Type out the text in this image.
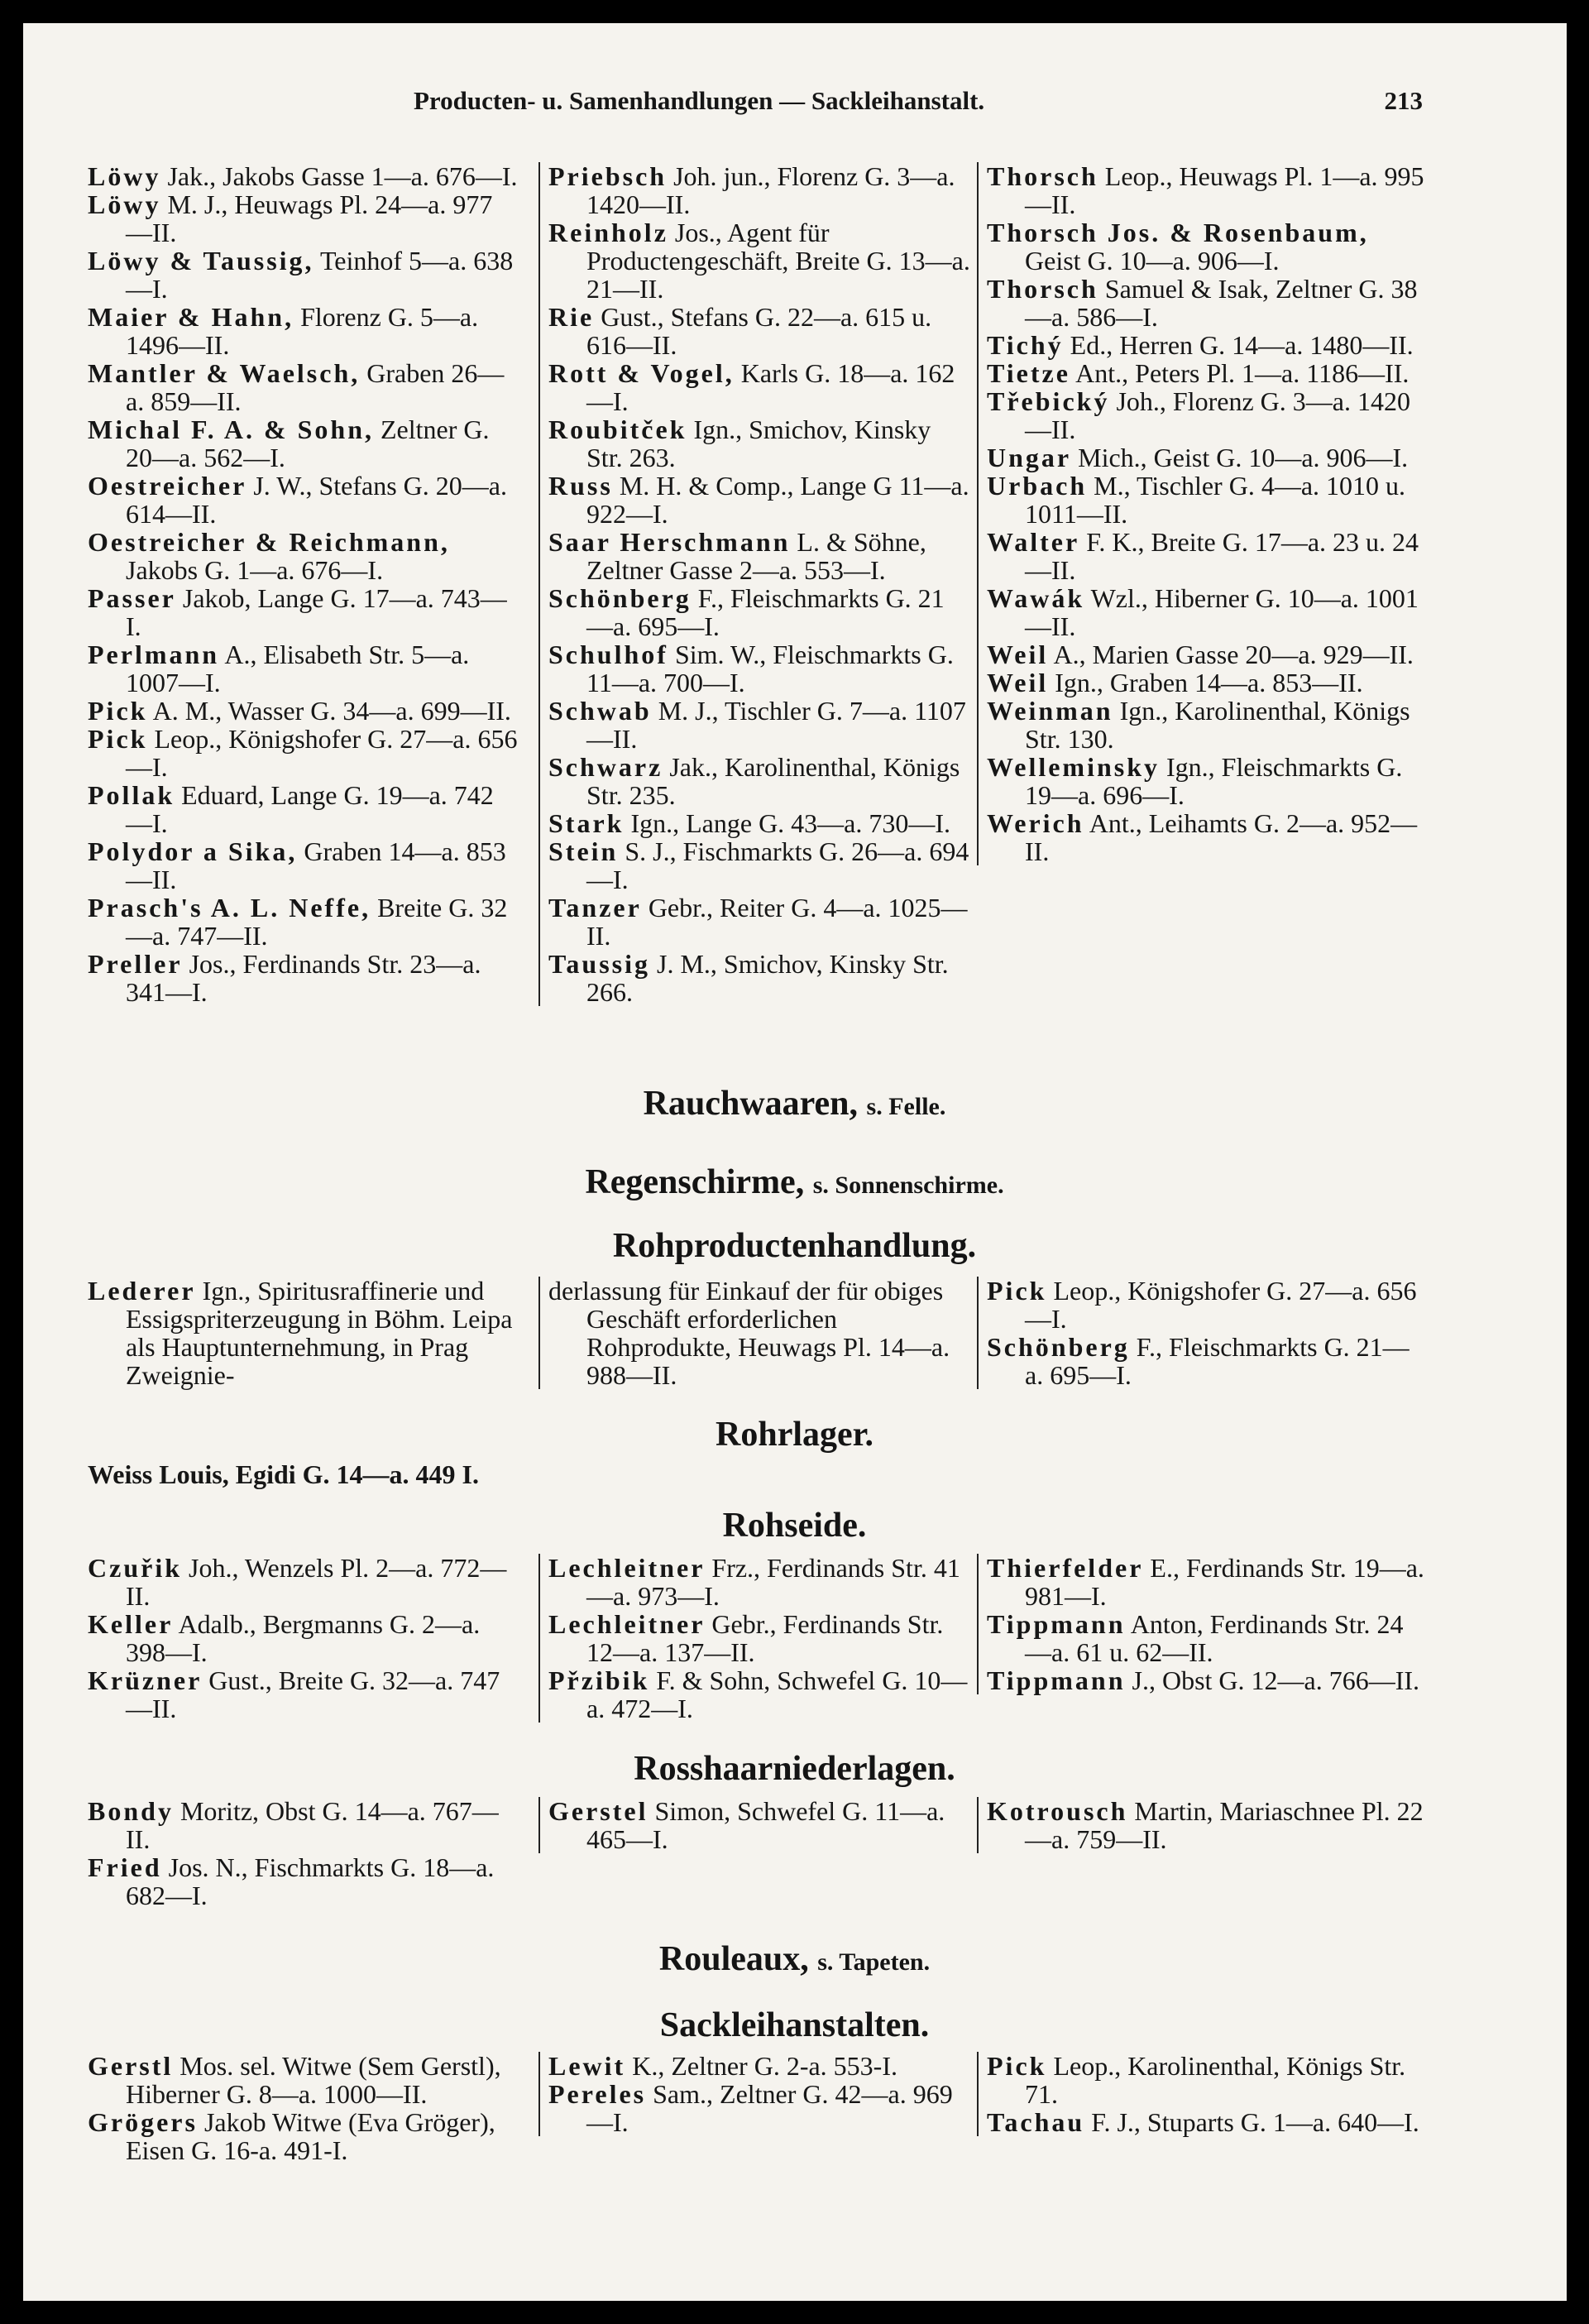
Producten- u. Samenhandlungen — Sackleihanstalt.	213

Löwy Jak., Jakobs Gasse 1—a. 676—I.

Löwy M. J., Heuwags Pl. 24—a. 977—II.

Löwy & Taussig, Teinhof 5—a. 638—I.

Maier & Hahn, Florenz G. 5—a. 1496—II.

Mantler & Waelsch, Graben 26—a. 859—II.

Michal F. A. & Sohn, Zeltner G. 20—a. 562—I.

Oestreicher J. W., Stefans G. 20—a. 614—II.

Oestreicher & Reichmann, Jakobs G. 1—a. 676—I.

Passer Jakob, Lange G. 17—a. 743—I.

Perlmann A., Elisabeth Str. 5—a. 1007—I.

Pick A. M., Wasser G. 34—a. 699—II.

Pick Leop., Königshofer G. 27—a. 656—I.

Pollak Eduard, Lange G. 19—a. 742—I.

Polydor a Sika, Graben 14—a. 853—II.

Prasch's A. L. Neffe, Breite G. 32—a. 747—II.

Preller Jos., Ferdinands Str. 23—a. 341—I.

Priebsch Joh. jun., Florenz G. 3—a. 1420—II.

Reinholz Jos., Agent für Productengeschäft, Breite G. 13—a. 21—II.

Rie Gust., Stefans G. 22—a. 615 u. 616—II.

Rott & Vogel, Karls G. 18—a. 162—I.

Roubitček Ign., Smichov, Kinsky Str. 263.

Russ M. H. & Comp., Lange G 11—a. 922—I.

Saar Herschmann L. & Söhne, Zeltner Gasse 2—a. 553—I.

Schönberg F., Fleischmarkts G. 21—a. 695—I.

Schulhof Sim. W., Fleischmarkts G. 11—a. 700—I.

Schwab M. J., Tischler G. 7—a. 1107—II.

Schwarz Jak., Karolinenthal, Königs Str. 235.

Stark Ign., Lange G. 43—a. 730—I.

Stein S. J., Fischmarkts G. 26—a. 694—I.

Tanzer Gebr., Reiter G. 4—a. 1025—II.

Taussig J. M., Smichov, Kinsky Str. 266.

Thorsch Leop., Heuwags Pl. 1—a. 995—II.

Thorsch Jos. & Rosenbaum, Geist G. 10—a. 906—I.

Thorsch Samuel & Isak, Zeltner G. 38—a. 586—I.

Tichý Ed., Herren G. 14—a. 1480—II.

Tietze Ant., Peters Pl. 1—a. 1186—II.

Třebický Joh., Florenz G. 3—a. 1420—II.

Ungar Mich., Geist G. 10—a. 906—I.

Urbach M., Tischler G. 4—a. 1010 u. 1011—II.

Walter F. K., Breite G. 17—a. 23 u. 24—II.

Wawák Wzl., Hiberner G. 10—a. 1001—II.

Weil A., Marien Gasse 20—a. 929—II.

Weil Ign., Graben 14—a. 853—II.

Weinman Ign., Karolinenthal, Königs Str. 130.

Welleminsky Ign., Fleischmarkts G. 19—a. 696—I.

Werich Ant., Leihamts G. 2—a. 952—II.

Rauchwaaren, s. Felle.
Regenschirme, s. Sonnenschirme.
Rohproductenhandlung.

Lederer Ign., Spiritusraffinerie und Essigspriterzeugung in Böhm. Leipa als Hauptunternehmung, in Prag Zweignie-

derlassung für Einkauf der für obiges Geschäft erforderlichen Rohprodukte, Heuwags Pl. 14—a. 988—II.

Pick Leop., Königshofer G. 27—a. 656—I.

Schönberg F., Fleischmarkts G. 21—a. 695—I.

Rohrlager.
Weiss Louis, Egidi G. 14—a. 449 I.
Rohseide.

Czuřik Joh., Wenzels Pl. 2—a. 772—II.

Keller Adalb., Bergmanns G. 2—a. 398—I.

Krüzner Gust., Breite G. 32—a. 747—II.

Lechleitner Frz., Ferdinands Str. 41—a. 973—I.

Lechleitner Gebr., Ferdinands Str. 12—a. 137—II.

Přzibik F. & Sohn, Schwefel G. 10—a. 472—I.

Thierfelder E., Ferdinands Str. 19—a. 981—I.

Tippmann Anton, Ferdinands Str. 24—a. 61 u. 62—II.

Tippmann J., Obst G. 12—a. 766—II.

Rosshaarniederlagen.

Bondy Moritz, Obst G. 14—a. 767—II.

Fried Jos. N., Fischmarkts G. 18—a. 682—I.

Gerstel Simon, Schwefel G. 11—a. 465—I.

Kotrousch Martin, Mariaschnee Pl. 22—a. 759—II.

Rouleaux, s. Tapeten.
Sackleihanstalten.

Gerstl Mos. sel. Witwe (Sem Gerstl), Hiberner G. 8—a. 1000—II.

Grögers Jakob Witwe (Eva Gröger), Eisen G. 16-a. 491-I.

Lewit K., Zeltner G. 2-a. 553-I.

Pereles Sam., Zeltner G. 42—a. 969—I.

Pick Leop., Karolinenthal, Königs Str. 71.

Tachau F. J., Stuparts G. 1—a. 640—I.
